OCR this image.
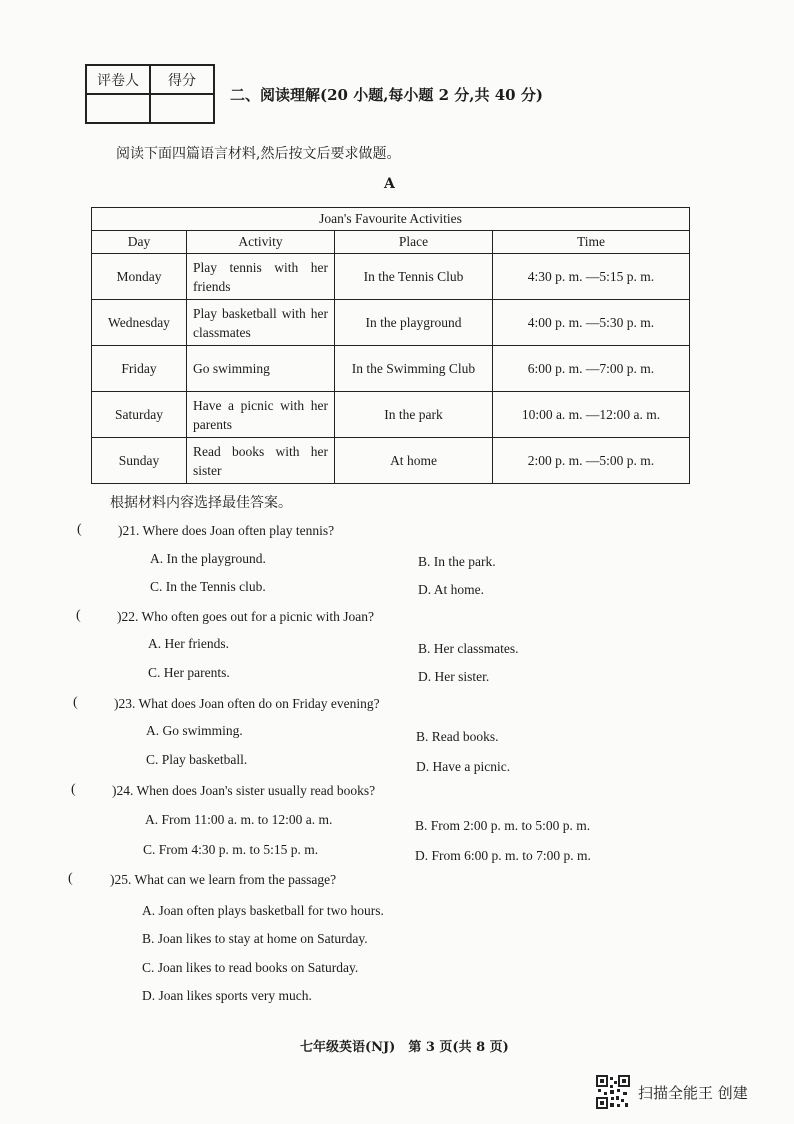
评卷人	得分

二、阅读理解(20 小题,每小题 2 分,共 40 分)
阅读下面四篇语言材料,然后按文后要求做题。
A
Joan's Favourite Activities			
Day	Activity	Place	Time
Monday	Play tennis with her friends	In the Tennis Club	4:30 p. m. —5:15 p. m.
Wednesday	Play basketball with her classmates	In the playground	4:00 p. m. —5:30 p. m.
Friday	Go swimming	In the Swimming Club	6:00 p. m. —7:00 p. m.
Saturday	Have a picnic with her parents	In the park	10:00 a. m. —12:00 a. m.
Sunday	Read books with her sister	At home	2:00 p. m. —5:00 p. m.
根据材料内容选择最佳答案。
(	)21. Where does Joan often play tennis?
A. In the playground.	B. In the park.
C. In the Tennis club.	D. At home.
(	)22. Who often goes out for a picnic with Joan?
A. Her friends.	B. Her classmates.
C. Her parents.	D. Her sister.
(	)23. What does Joan often do on Friday evening?
A. Go swimming.	B. Read books.
C. Play basketball.	D. Have a picnic.
(	)24. When does Joan's sister usually read books?
A. From 11:00 a. m. to 12:00 a. m.	B. From 2:00 p. m. to 5:00 p. m.
C. From 4:30 p. m. to 5:15 p. m.	D. From 6:00 p. m. to 7:00 p. m.
(	)25. What can we learn from the passage?
A. Joan often plays basketball for two hours.
B. Joan likes to stay at home on Saturday.
C. Joan likes to read books on Saturday.
D. Joan likes sports very much.
七年级英语(NJ)　第 3 页(共 8 页)
扫描全能王 创建
